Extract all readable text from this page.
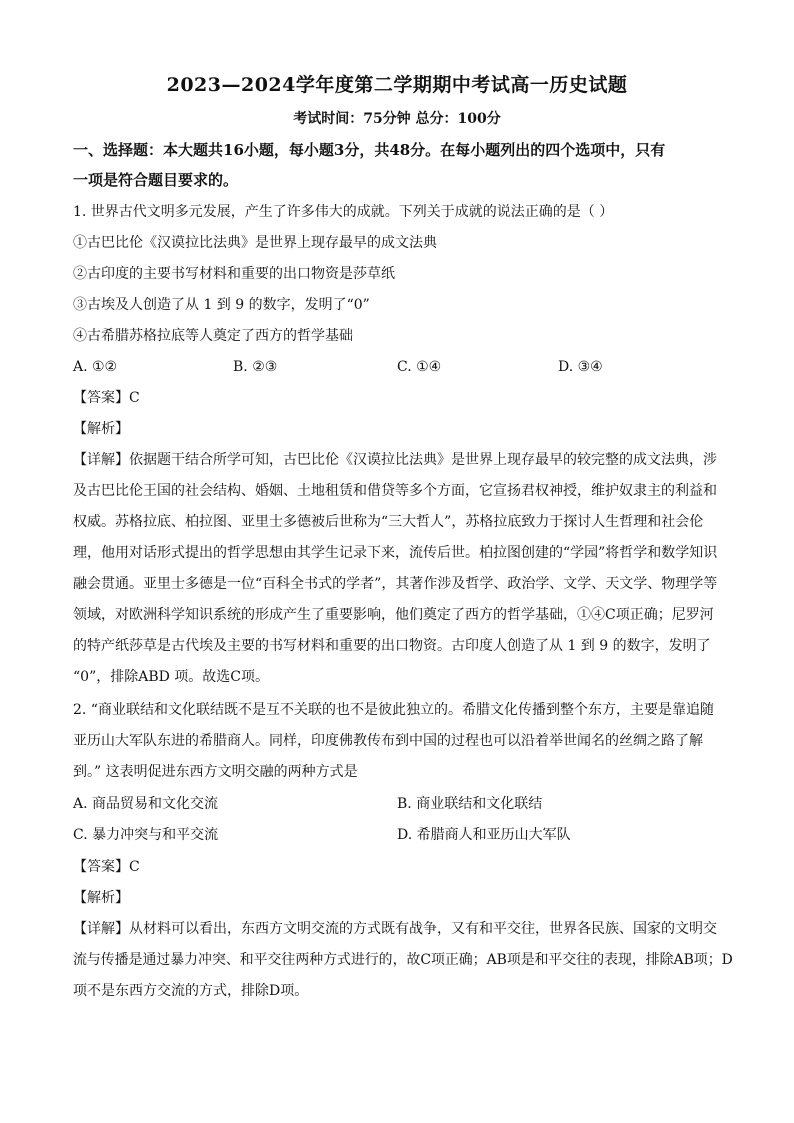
2023—2024学年度第二学期期中考试高一历史试题
考试时间：75分钟 总分：100分
一、选择题：本大题共16小题，每小题3分，共48分。在每小题列出的四个选项中，只有
一项是符合题目要求的。
1. 世界古代文明多元发展，产生了许多伟大的成就。下列关于成就的说法正确的是（ ）
①古巴比伦《汉谟拉比法典》是世界上现存最早的成文法典
②古印度的主要书写材料和重要的出口物资是莎草纸
③古埃及人创造了从 1 到 9 的数字，发明了“0”
④古希腊苏格拉底等人奠定了西方的哲学基础
A. ①②	B. ②③	C. ①④	D. ③④
【答案】C
【解析】
【详解】依据题干结合所学可知，古巴比伦《汉谟拉比法典》是世界上现存最早的较完整的成文法典，涉
及古巴比伦王国的社会结构、婚姻、土地租赁和借贷等多个方面，它宣扬君权神授，维护奴隶主的利益和
权威。苏格拉底、柏拉图、亚里士多德被后世称为“三大哲人”，苏格拉底致力于探讨人生哲理和社会伦
理，他用对话形式提出的哲学思想由其学生记录下来，流传后世。柏拉图创建的“学园”将哲学和数学知识
融会贯通。亚里士多德是一位“百科全书式的学者”，其著作涉及哲学、政治学、文学、天文学、物理学等
领域，对欧洲科学知识系统的形成产生了重要影响，他们奠定了西方的哲学基础，①④C项正确；尼罗河
的特产纸莎草是古代埃及主要的书写材料和重要的出口物资。古印度人创造了从 1 到 9 的数字，发明了
“0”，排除ABD 项。故选C项。
2. “商业联结和文化联结既不是互不关联的也不是彼此独立的。希腊文化传播到整个东方，主要是靠追随
亚历山大军队东进的希腊商人。同样，印度佛教传布到中国的过程也可以沿着举世闻名的丝绸之路了解
到。” 这表明促进东西方文明交融的两种方式是
A. 商品贸易和文化交流	B. 商业联结和文化联结
C. 暴力冲突与和平交流	D. 希腊商人和亚历山大军队
【答案】C
【解析】
【详解】从材料可以看出，东西方文明交流的方式既有战争，又有和平交往，世界各民族、国家的文明交
流与传播是通过暴力冲突、和平交往两种方式进行的，故C项正确；AB项是和平交往的表现，排除AB项；D
项不是东西方交流的方式，排除D项。
